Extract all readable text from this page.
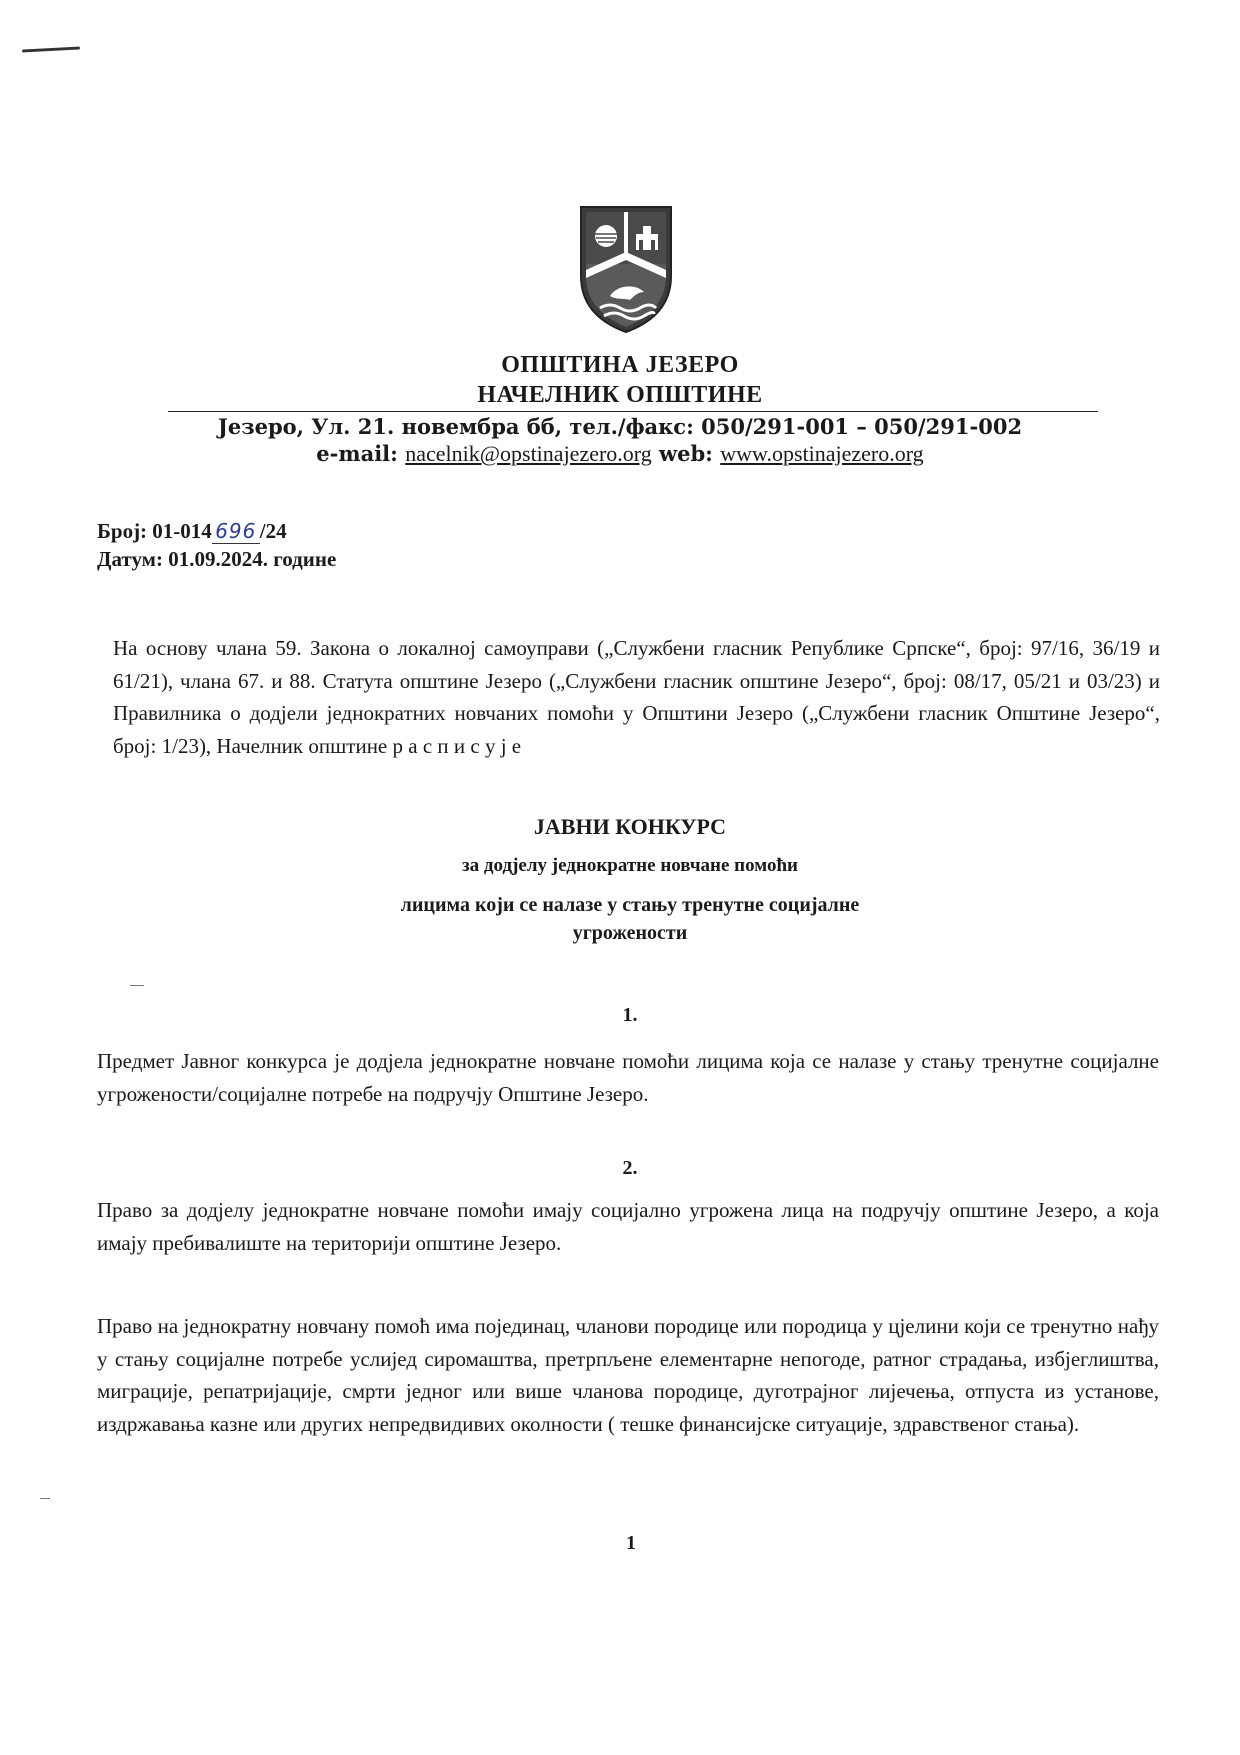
ОПШТИНА ЈЕЗЕРО
НАЧЕЛНИК ОПШТИНЕ
Језеро, Ул. 21. новембра бб, тел./факс: 050/291-001 – 050/291-002
e-mail: nacelnik@opstinajezero.org web: www.opstinajezero.org
Број: 01-014 696 /24
Датум: 01.09.2024. године
На основу члана 59. Закона о локалној самоуправи („Службени гласник Републике Српске“, број: 97/16, 36/19 и 61/21), члана 67. и 88. Статута општине Језеро („Службени гласник општине Језеро“, број: 08/17, 05/21 и 03/23) и Правилника о додјели једнократних новчаних помоћи у Општини Језеро („Службени гласник Општине Језеро“, број: 1/23), Начелник општине р а с п и с у ј е
ЈАВНИ КОНКУРС
за додјелу једнократне новчане помоћи
лицима који се налазе у стању тренутне социјалне
угрожености
1.
Предмет Јавног конкурса је додјела једнократне новчане помоћи лицима која се налазе у стању тренутне социјалне угрожености/социјалне потребе на подручју Општине Језеро.
2.
Право за додјелу једнократне новчане помоћи имају социјално угрожена лица на подручју општине Језеро, а која имају пребивалиште на територији општине Језеро.
Право на једнократну новчану помоћ има појединац, чланови породице или породица у цјелини који се тренутно нађу у стању социјалне потребе услијед сиромаштва, претрпљене елементарне непогоде, ратног страдања, избјеглиштва, миграције, репатријације, смрти једног или више чланова породице, дуготрајног лијечења, отпуста из установе, издржавања казне или других непредвидивих околности ( тешке финансијске ситуације, здравственог стања).
1
